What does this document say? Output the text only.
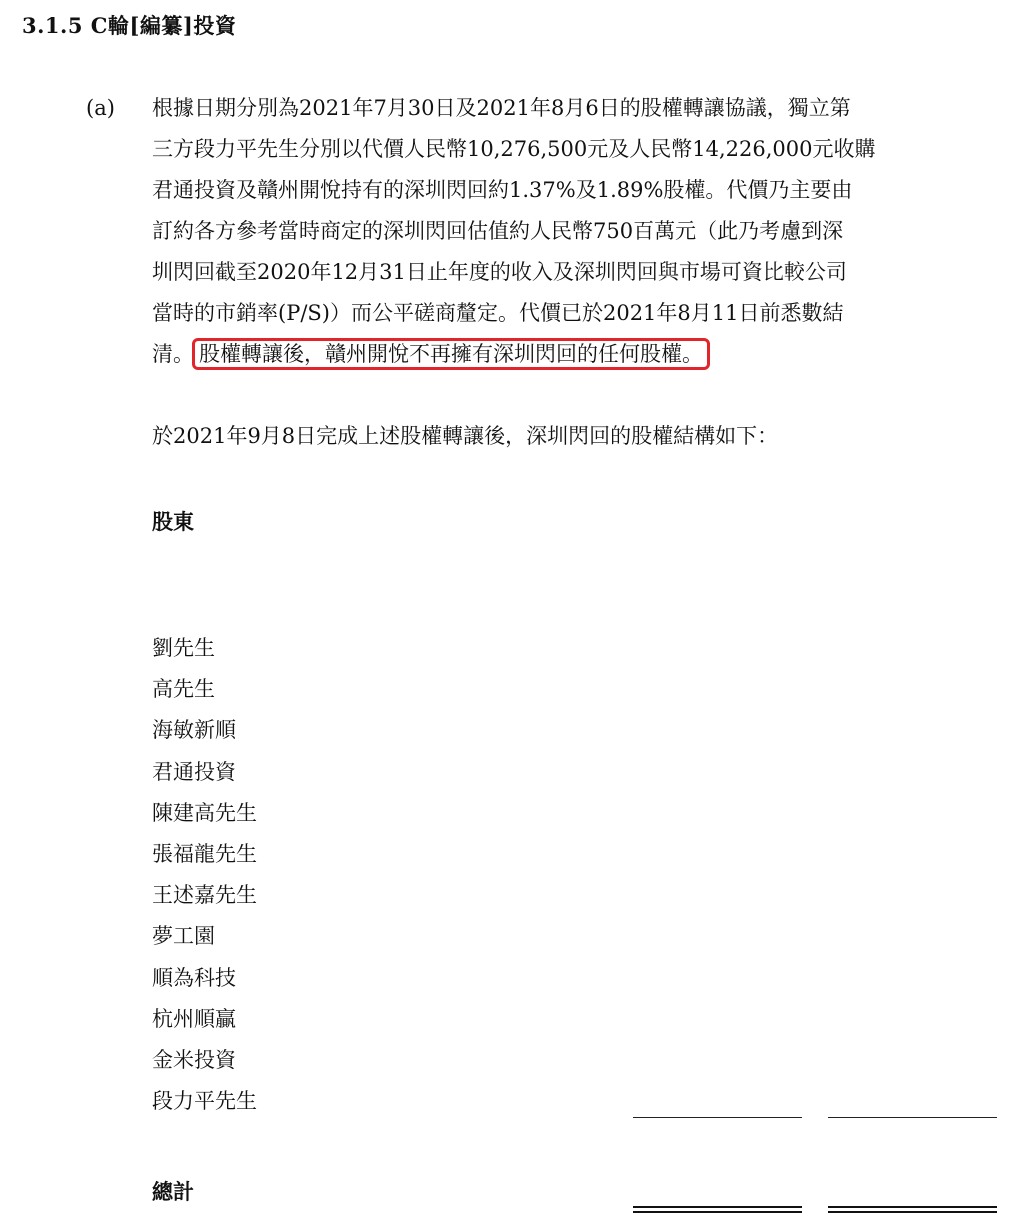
3.1.5 C輪[編纂]投資
(a) 根據日期分別為2021年7月30日及2021年8月6日的股權轉讓協議，獨立第
三方段力平先生分別以代價人民幣10,276,500元及人民幣14,226,000元收購
君通投資及贛州開悅持有的深圳閃回約1.37%及1.89%股權。代價乃主要由
訂約各方參考當時商定的深圳閃回估值約人民幣750百萬元（此乃考慮到深
圳閃回截至2020年12月31日止年度的收入及深圳閃回與市場可資比較公司
當時的市銷率(P/S)）而公平磋商釐定。代價已於2021年8月11日前悉數結
清。 股權轉讓後，贛州開悅不再擁有深圳閃回的任何股權。

於2021年9月8日完成上述股權轉讓後，深圳閃回的股權結構如下：
股東
劉先生
高先生
海敏新順
君通投資
陳建高先生
張福龍先生
王述嘉先生
夢工園
順為科技
杭州順贏
金米投資
段力平先生
總計
